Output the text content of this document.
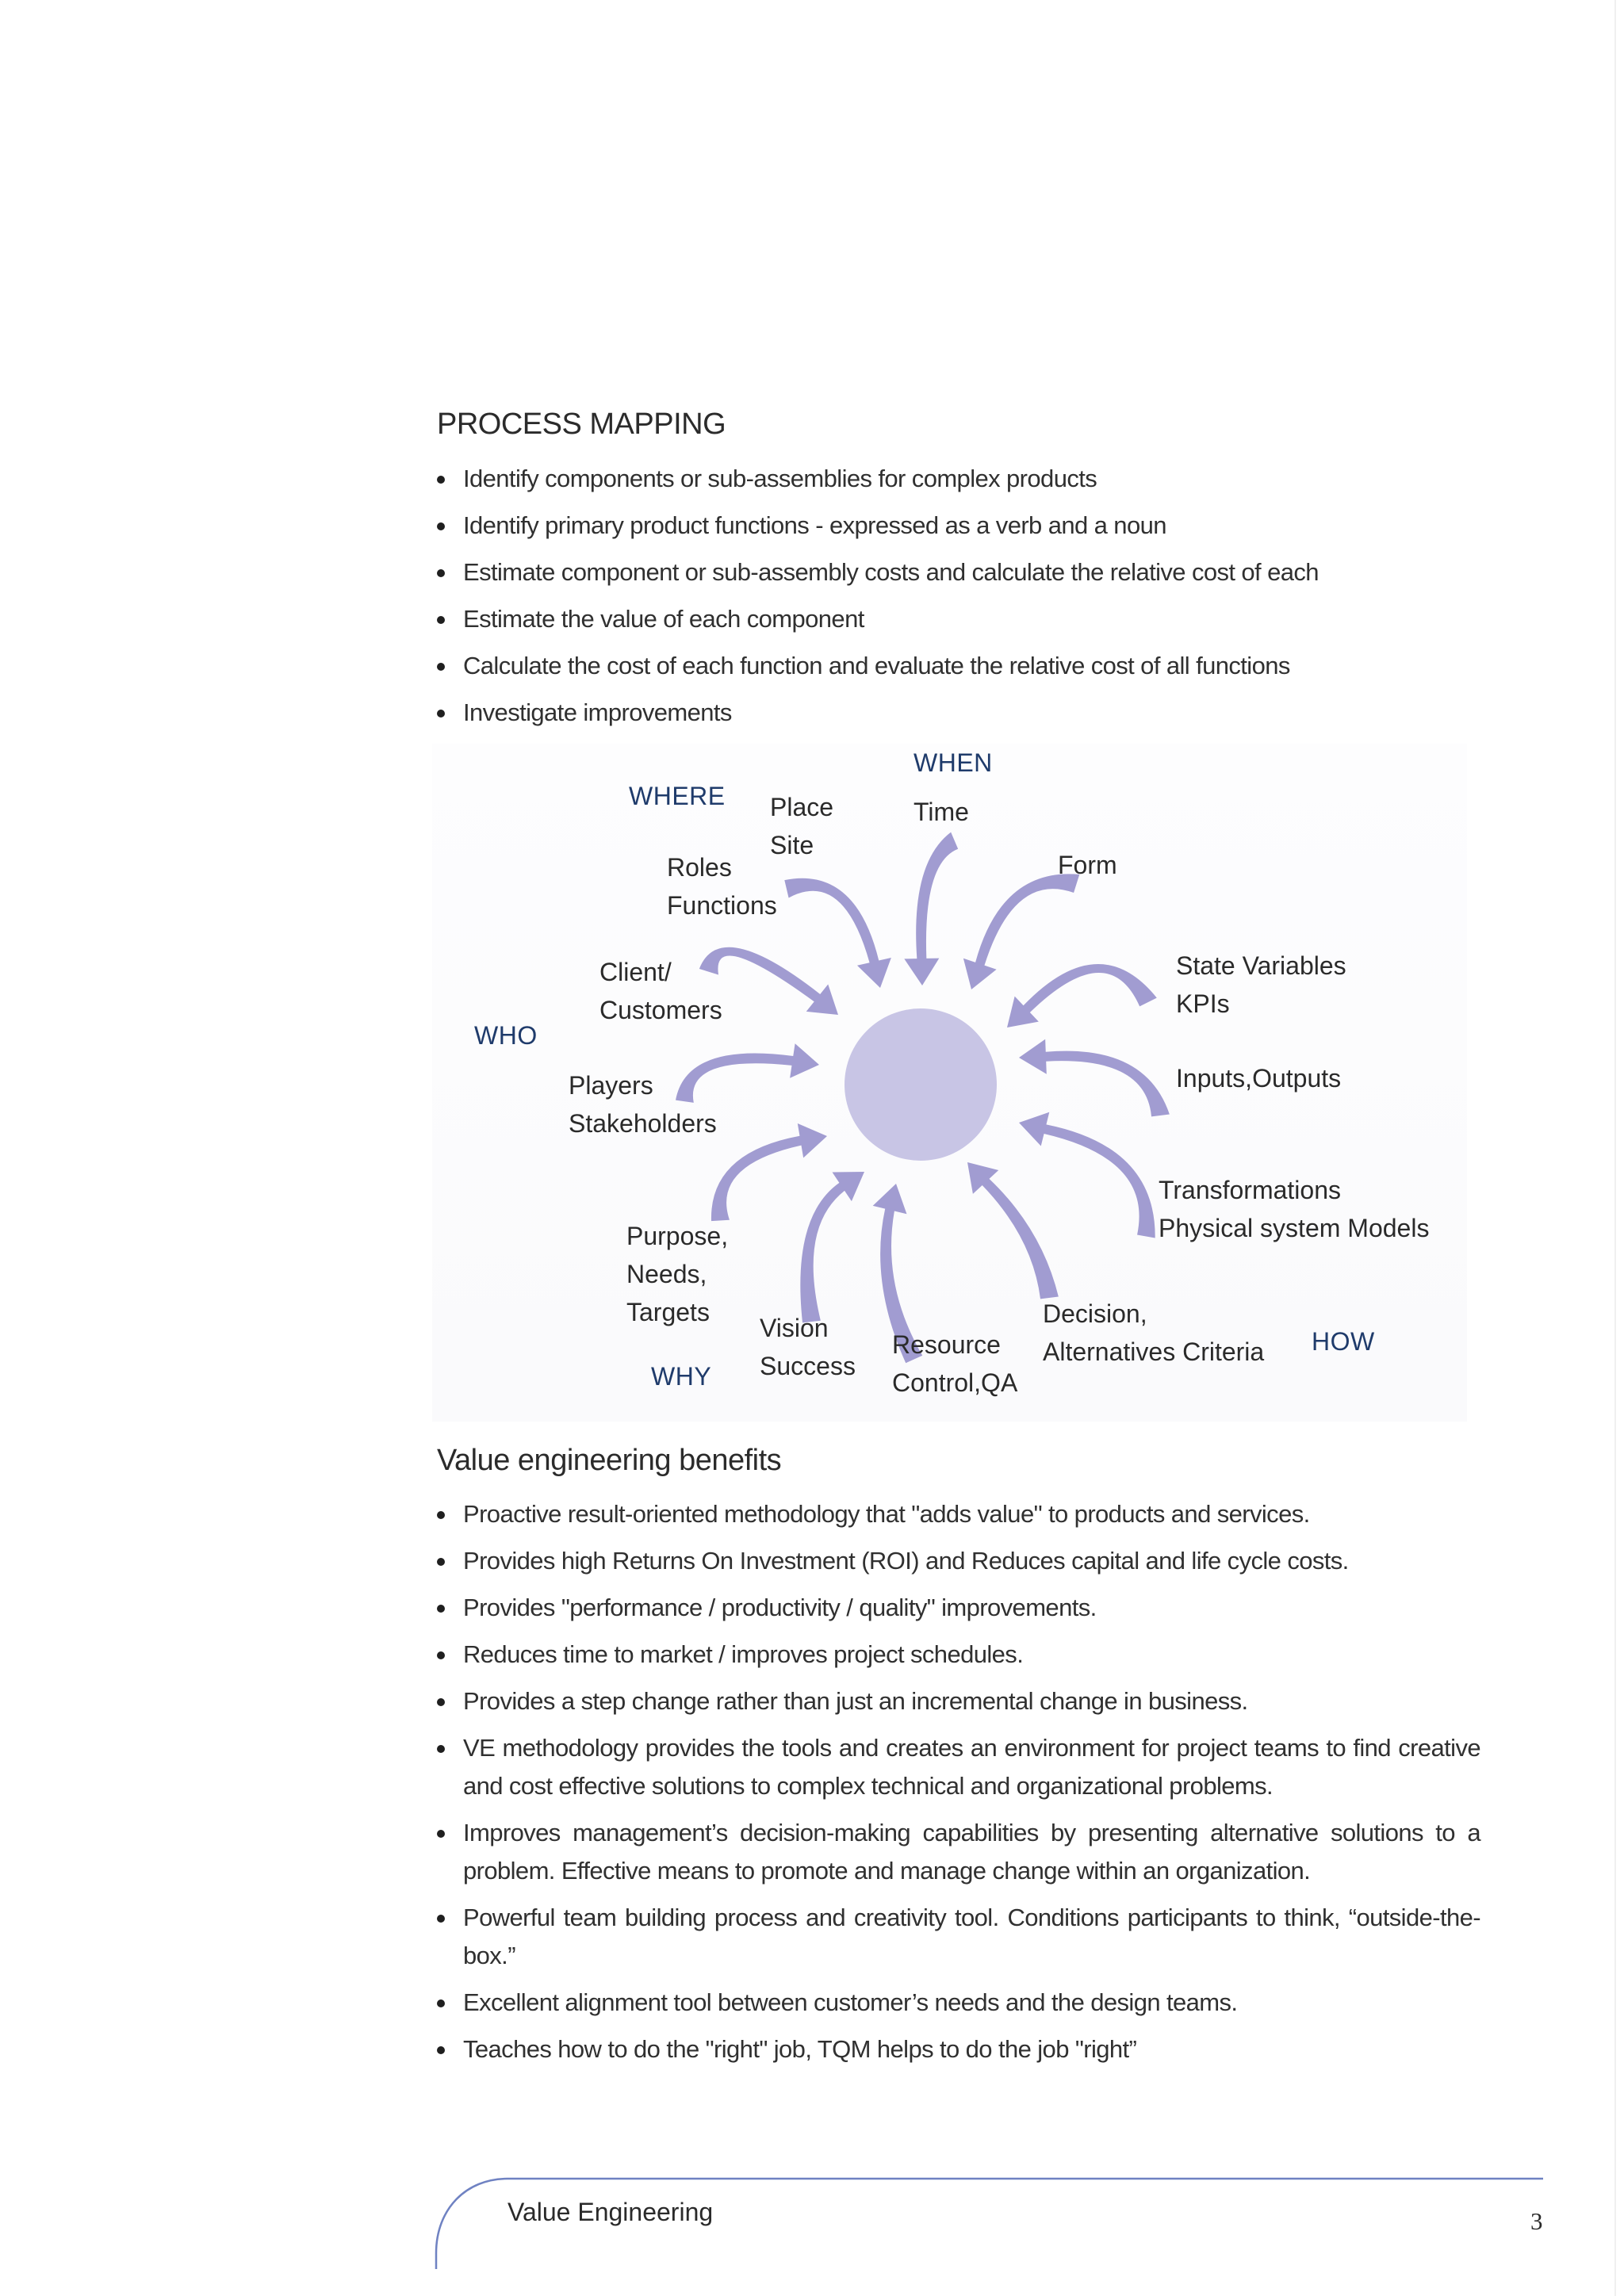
PROCESS MAPPING
Identify components or sub-assemblies for complex products
Identify primary product functions - expressed as a verb and a noun
Estimate component or sub-assembly costs and calculate the relative cost of each
Estimate the value of each component
Calculate the cost of each function and evaluate the relative cost of all functions
Investigate improvements
WHERE
WHEN
WHO
WHY
HOW
Place
Site
Time
Form
Roles
Functions
Client/
Customers
State Variables
KPIs
Players
Stakeholders
Inputs,Outputs
Transformations
Physical system Models
Purpose,
Needs,
Targets
Vision
Success
Resource
Control,QA
Decision,
Alternatives Criteria
Value engineering benefits
Proactive result-oriented methodology that "adds value" to products and services.
Provides high Returns On Investment (ROI) and Reduces capital and life cycle costs.
Provides "performance / productivity / quality" improvements.
Reduces time to market / improves project schedules.
Provides a step change rather than just an incremental change in business.
VE methodology provides the tools and creates an environment for project teams to find creative and cost effective solutions to complex technical and organizational problems.
Improves management’s decision-making capabilities by presenting alternative solutions to a problem. Effective means to promote and manage change within an organization.
Powerful team building process and creativity tool. Conditions participants to think, “outside-the-box.”
Excellent alignment tool between customer’s needs and the design teams.
Teaches how to do the "right" job, TQM helps to do the job "right”
Value Engineering	3
